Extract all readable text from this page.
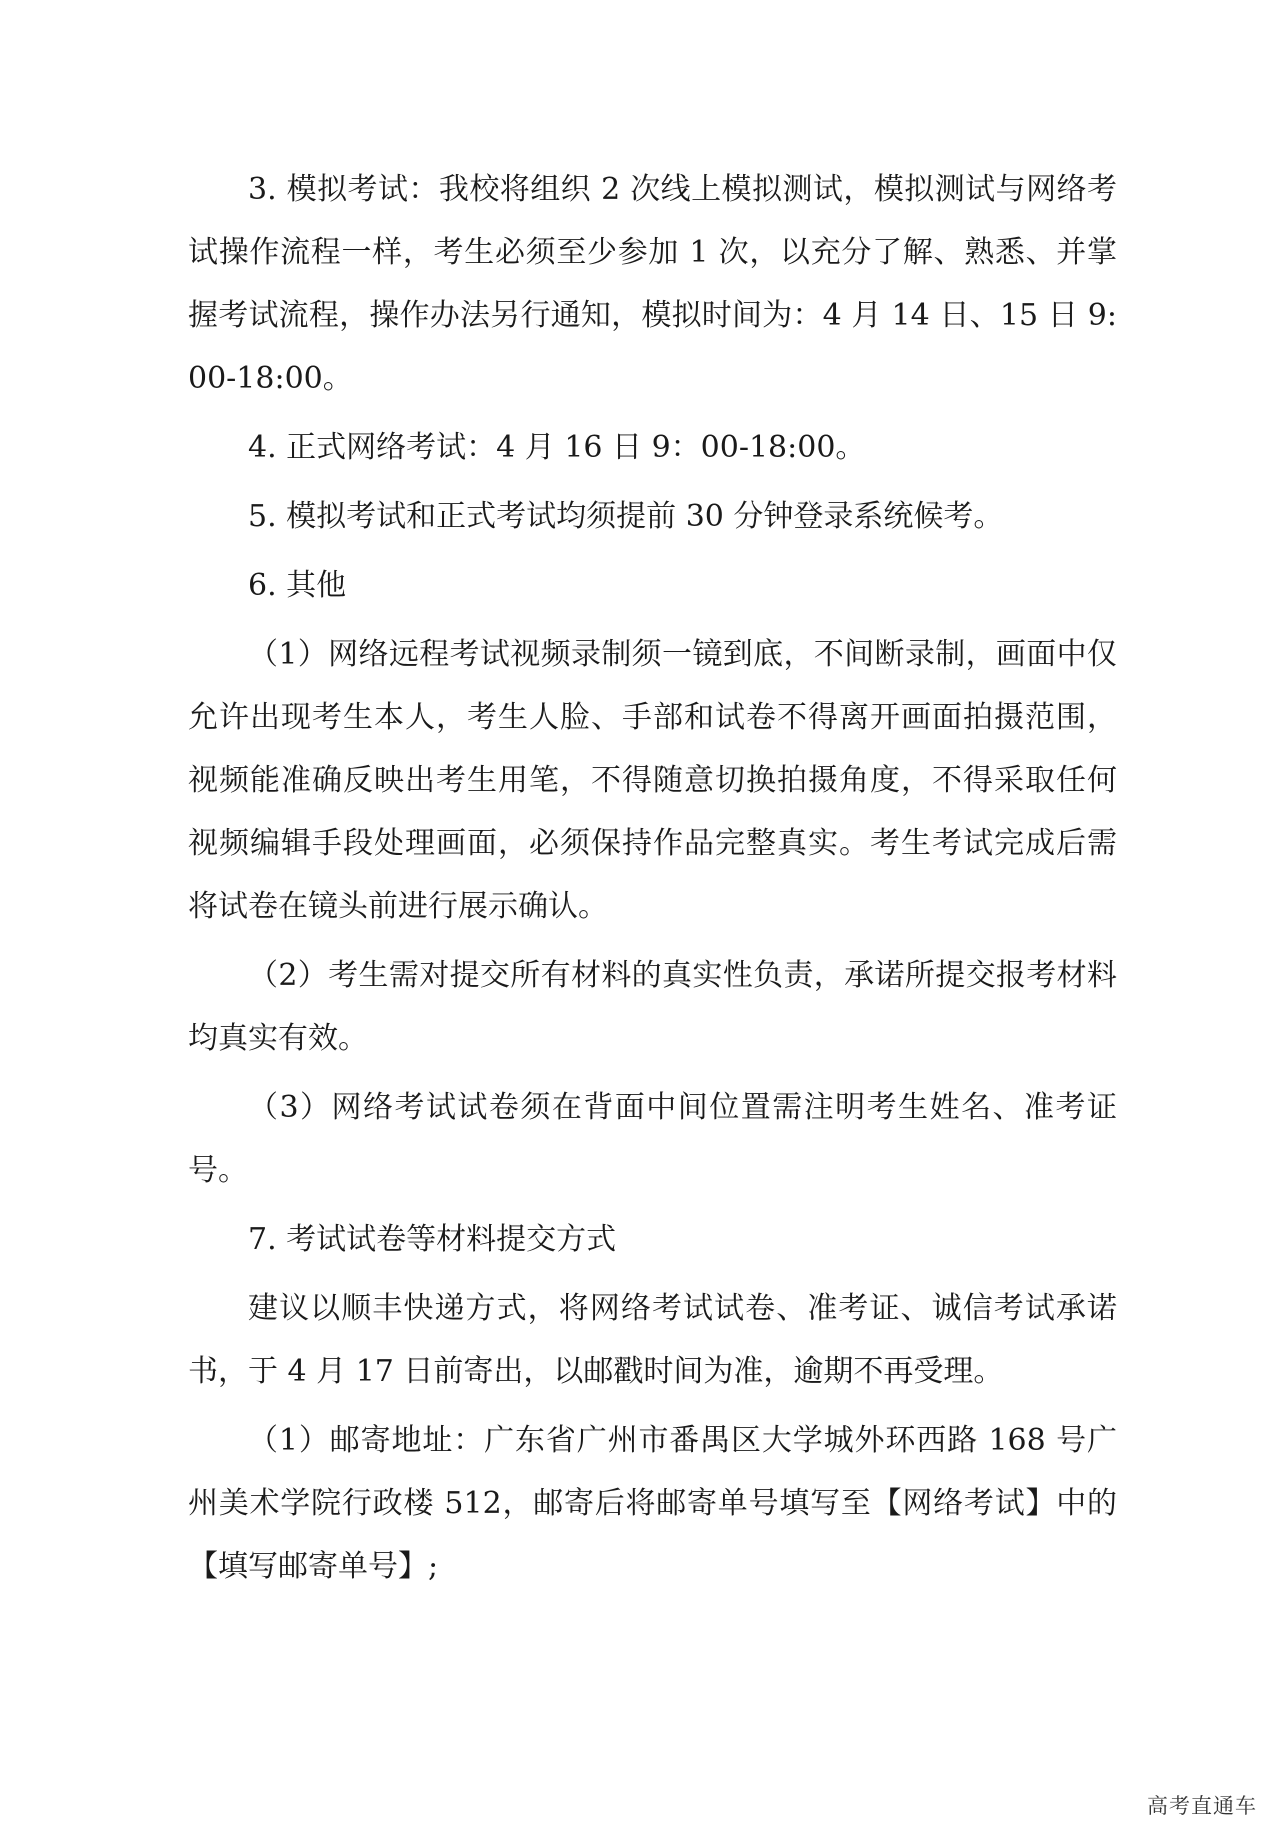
3. 模拟考试：我校将组织 2 次线上模拟测试，模拟测试与网络考试操作流程一样，考生必须至少参加 1 次，以充分了解、熟悉、并掌握考试流程，操作办法另行通知，模拟时间为：4 月 14 日、15 日 9:00-18:00。

4. 正式网络考试：4 月 16 日 9：00-18:00。

5. 模拟考试和正式考试均须提前 30 分钟登录系统候考。

6. 其他

（1）网络远程考试视频录制须一镜到底，不间断录制，画面中仅允许出现考生本人，考生人脸、手部和试卷不得离开画面拍摄范围，视频能准确反映出考生用笔，不得随意切换拍摄角度，不得采取任何视频编辑手段处理画面，必须保持作品完整真实。考生考试完成后需将试卷在镜头前进行展示确认。

（2）考生需对提交所有材料的真实性负责，承诺所提交报考材料均真实有效。

（3）网络考试试卷须在背面中间位置需注明考生姓名、准考证号。

7. 考试试卷等材料提交方式

建议以顺丰快递方式，将网络考试试卷、准考证、诚信考试承诺书，于 4 月 17 日前寄出，以邮戳时间为准，逾期不再受理。

（1）邮寄地址：广东省广州市番禺区大学城外环西路 168 号广州美术学院行政楼 512，邮寄后将邮寄单号填写至【网络考试】中的【填写邮寄单号】;

高考直通车
